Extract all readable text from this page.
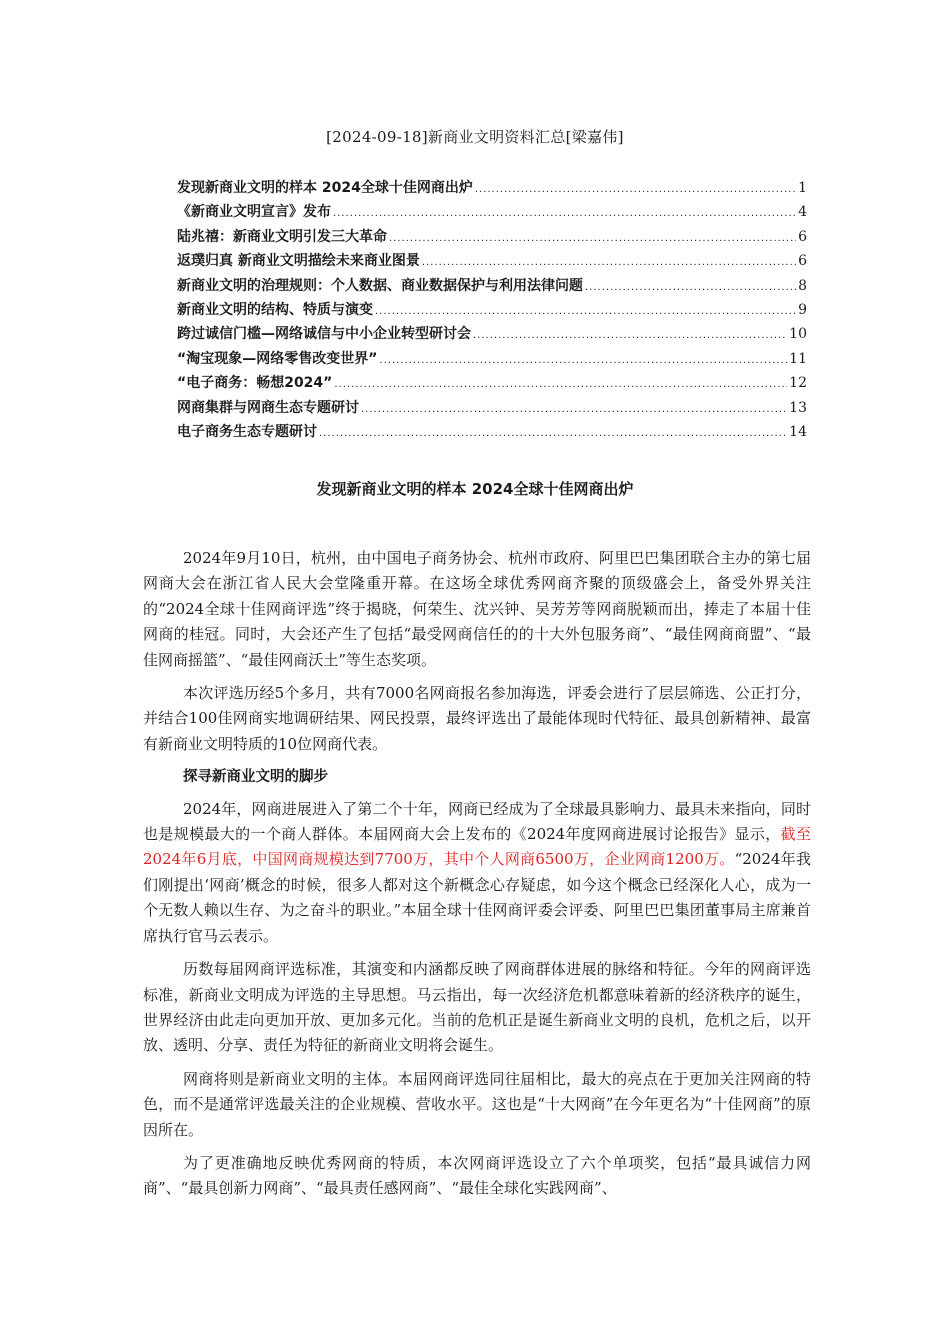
[2024-09-18]新商业文明资料汇总[梁嘉伟]
发现新商业文明的样本 2024全球十佳网商出炉 .....	1
《新商业文明宣言》发布 .....	4
陆兆禧：新商业文明引发三大革命 .....	6
返璞归真 新商业文明描绘未来商业图景 .....	6
新商业文明的治理规则：个人数据、商业数据保护与利用法律问题 .....	8
新商业文明的结构、特质与演变 .....	9
跨过诚信门槛—网络诚信与中小企业转型研讨会 .....	10
“淘宝现象—网络零售改变世界” .....	11
“电子商务：畅想2024” .....	12
网商集群与网商生态专题研讨 .....	13
电子商务生态专题研讨 .....	14
发现新商业文明的样本 2024全球十佳网商出炉

2024年9月10日，杭州，由中国电子商务协会、杭州市政府、阿里巴巴集团联合主办的第七届网商大会在浙江省人民大会堂隆重开幕。在这场全球优秀网商齐聚的顶级盛会上，备受外界关注的“2024全球十佳网商评选”终于揭晓，何荣生、沈兴钟、吴芳芳等网商脱颖而出，捧走了本届十佳网商的桂冠。同时，大会还产生了包括“最受网商信任的的十大外包服务商”、“最佳网商商盟”、“最佳网商摇篮”、“最佳网商沃土”等生态奖项。

本次评选历经5个多月，共有7000名网商报名参加海选，评委会进行了层层筛选、公正打分，并结合100佳网商实地调研结果、网民投票，最终评选出了最能体现时代特征、最具创新精神、最富有新商业文明特质的10位网商代表。

探寻新商业文明的脚步

2024年，网商进展进入了第二个十年，网商已经成为了全球最具影响力、最具未来指向，同时也是规模最大的一个商人群体。本届网商大会上发布的《2024年度网商进展讨论报告》显示，截至2024年6月底，中国网商规模达到7700万，其中个人网商6500万，企业网商1200万。“2024年我们刚提出‘网商’概念的时候，很多人都对这个新概念心存疑虑，如今这个概念已经深化人心，成为一个无数人赖以生存、为之奋斗的职业。”本届全球十佳网商评委会评委、阿里巴巴集团董事局主席兼首席执行官马云表示。

历数每届网商评选标准，其演变和内涵都反映了网商群体进展的脉络和特征。今年的网商评选标准，新商业文明成为评选的主导思想。马云指出，每一次经济危机都意味着新的经济秩序的诞生，世界经济由此走向更加开放、更加多元化。当前的危机正是诞生新商业文明的良机，危机之后，以开放、透明、分享、责任为特征的新商业文明将会诞生。

网商将则是新商业文明的主体。本届网商评选同往届相比，最大的亮点在于更加关注网商的特色，而不是通常评选最关注的企业规模、营收水平。这也是“十大网商”在今年更名为“十佳网商”的原因所在。

为了更准确地反映优秀网商的特质，本次网商评选设立了六个单项奖，包括“最具诚信力网商”、“最具创新力网商”、“最具责任感网商”、“最佳全球化实践网商”、
